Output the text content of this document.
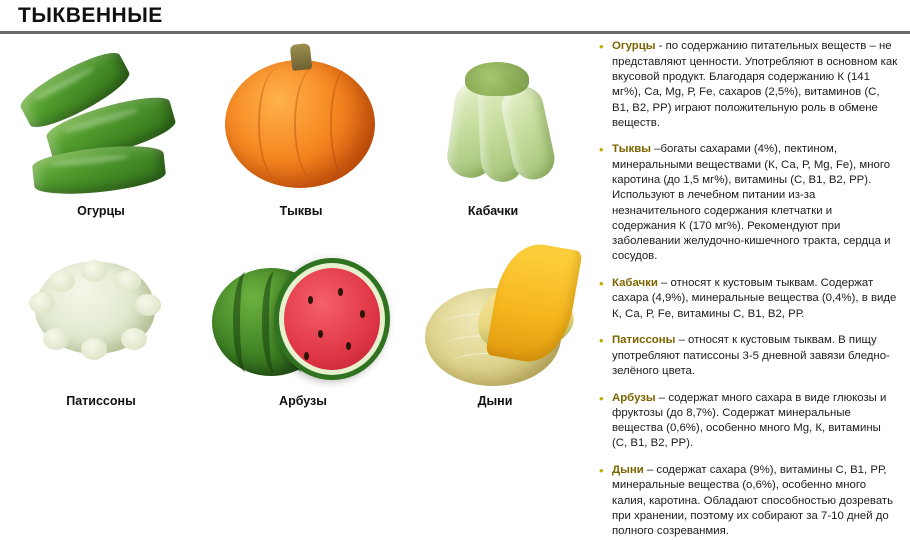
ТЫКВЕННЫЕ
Огурцы	Тыквы	Кабачки
Патиссоны	Арбузы	Дыни

• Огурцы - по содержанию питательных веществ – не представляют ценности. Употребляют в основном как вкусовой продукт. Благодаря содержанию К (141 мг%), Са, Мg, Р, Fe, сахаров (2,5%), витаминов (С, В1, В2, РР) играют положительную роль в обмене веществ.

• Тыквы –богаты сахарами (4%), пектином, минеральными веществами (К, Са, Р, Мg, Fe), много каротина (до 1,5 мг%), витамины (С, В1, В2, РР). Используют в лечебном питании из-за незначительного содержания клетчатки и содержания К (170 мг%). Рекомендуют при заболевании желудочно-кишечного тракта, сердца и сосудов.

• Кабачки – относят к кустовым тыквам. Содержат сахара (4,9%), минеральные вещества (0,4%), в виде К, Са, Р, Fe, витамины С, В1, В2, РР.

• Патиссоны – относят к кустовым тыквам. В пищу употребляют патиссоны 3-5 дневной завязи бледно-зелёного цвета.

• Арбузы – содержат много сахара в виде глюкозы и фруктозы (до 8,7%). Содержат минеральные вещества (0,6%), особенно много Мg, К, витамины (С, В1, В2, РР).

• Дыни – содержат сахара (9%), витамины С, В1, РР, минеральные вещества (о,6%), особенно много калия, каротина. Обладают способностью дозревать при хранении, поэтому их собирают за 7-10 дней до полного созреванмия.
